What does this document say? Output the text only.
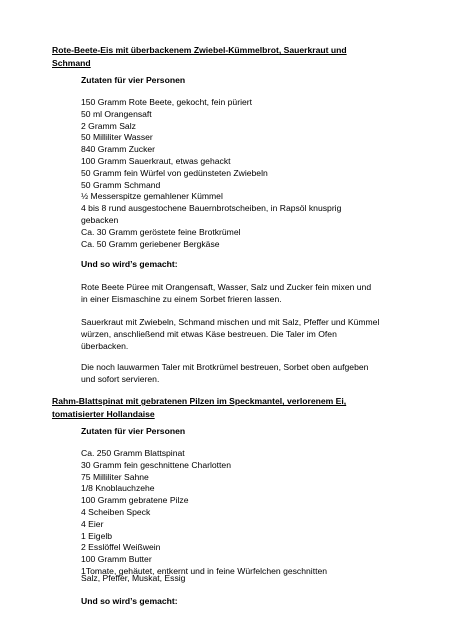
Rote-Beete-Eis mit überbackenem Zwiebel-Kümmelbrot, Sauerkraut und
Schmand
Zutaten für vier Personen
150 Gramm Rote Beete, gekocht, fein püriert
50 ml Orangensaft
2 Gramm Salz
50 Milliliter Wasser
840 Gramm Zucker
100 Gramm Sauerkraut, etwas gehackt
50 Gramm fein Würfel von gedünsteten Zwiebeln
50 Gramm Schmand
½ Messerspitze gemahlener Kümmel
4 bis 8 rund ausgestochene Bauernbrotscheiben, in Rapsöl knusprig
gebacken
Ca. 30 Gramm geröstete feine Brotkrümel
Ca. 50 Gramm geriebener Bergkäse
Und so wird’s gemacht:
Rote Beete Püree mit Orangensaft, Wasser, Salz und Zucker fein mixen und
in einer Eismaschine zu einem Sorbet frieren lassen.
Sauerkraut mit Zwiebeln, Schmand mischen und mit Salz, Pfeffer und Kümmel
würzen, anschließend mit etwas Käse bestreuen. Die Taler im Ofen
überbacken.
Die noch lauwarmen Taler mit Brotkrümel bestreuen, Sorbet oben aufgeben
und sofort servieren.
Rahm-Blattspinat mit gebratenen Pilzen im Speckmantel, verlorenem Ei,
tomatisierter Hollandaise
Zutaten für vier Personen
Ca. 250 Gramm Blattspinat
30 Gramm fein geschnittene Charlotten
75 Milliliter Sahne
1/8 Knoblauchzehe
100 Gramm gebratene Pilze
4 Scheiben Speck
4 Eier
1 Eigelb
2 Esslöffel Weißwein
100 Gramm Butter
1Tomate, gehäutet, entkernt und in feine Würfelchen geschnitten
Salz, Pfeffer, Muskat, Essig
Und so wird’s gemacht:
